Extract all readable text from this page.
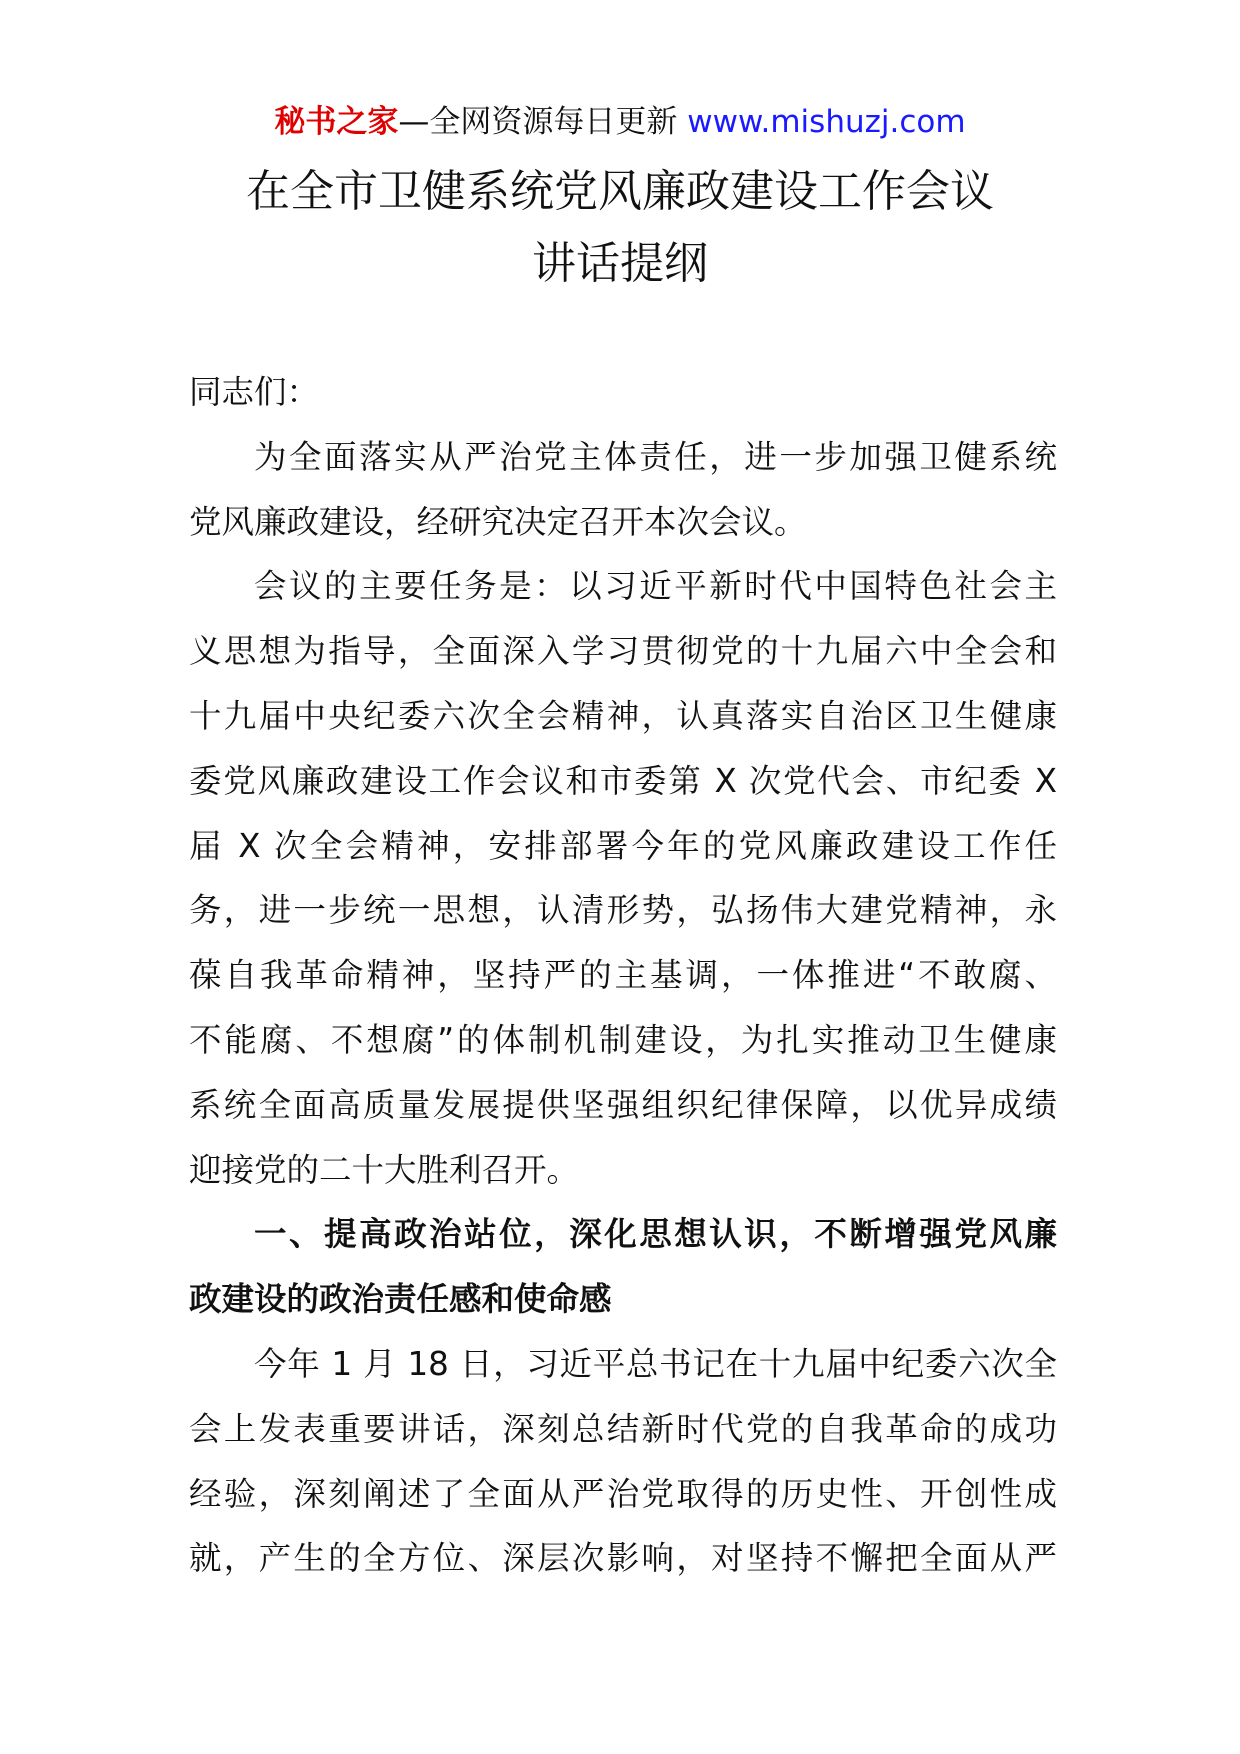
秘书之家—全网资源每日更新 www.mishuzj.com
在全市卫健系统党风廉政建设工作会议
讲话提纲
同志们：
为全面落实从严治党主体责任，进一步加强卫健系统
党风廉政建设，经研究决定召开本次会议。
会议的主要任务是：以习近平新时代中国特色社会主
义思想为指导，全面深入学习贯彻党的十九届六中全会和
十九届中央纪委六次全会精神，认真落实自治区卫生健康
委党风廉政建设工作会议和市委第 X 次党代会、市纪委 X
届 X 次全会精神，安排部署今年的党风廉政建设工作任
务，进一步统一思想，认清形势，弘扬伟大建党精神，永
葆自我革命精神，坚持严的主基调，一体推进“不敢腐、
不能腐、不想腐”的体制机制建设，为扎实推动卫生健康
系统全面高质量发展提供坚强组织纪律保障，以优异成绩
迎接党的二十大胜利召开。
一、提高政治站位，深化思想认识，不断增强党风廉
政建设的政治责任感和使命感
今年 1 月 18 日，习近平总书记在十九届中纪委六次全
会上发表重要讲话，深刻总结新时代党的自我革命的成功
经验，深刻阐述了全面从严治党取得的历史性、开创性成
就，产生的全方位、深层次影响，对坚持不懈把全面从严
